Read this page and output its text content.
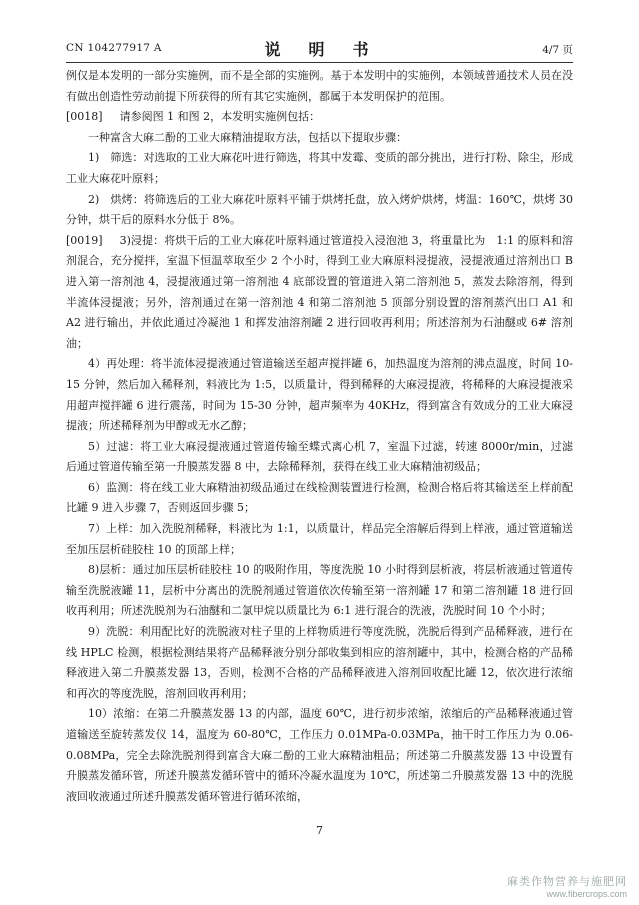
CN 104277917 A	说　明　书	4/7 页

例仅是本发明的一部分实施例，而不是全部的实施例。基于本发明中的实施例，本领域普通技术人员在没有做出创造性劳动前提下所获得的所有其它实施例，都属于本发明保护的范围。

[0018] 请参阅图 1 和图 2，本发明实施例包括：

一种富含大麻二酚的工业大麻精油提取方法，包括以下提取步骤：

1)　筛选：对选取的工业大麻花叶进行筛选，将其中发霉、变质的部分挑出，进行打粉、除尘，形成工业大麻花叶原料；

2)　烘烤：将筛选后的工业大麻花叶原料平铺于烘烤托盘，放入烤炉烘烤，烤温：160℃，烘烤 30 分钟，烘干后的原料水分低于 8%。

[0019] 3)浸提：将烘干后的工业大麻花叶原料通过管道投入浸泡池 3，将重量比为　1:1 的原料和溶剂混合，充分搅拌，室温下恒温萃取至少 2 个小时，得到工业大麻原料浸提液，浸提液通过溶剂出口 B 进入第一溶剂池 4，浸提液通过第一溶剂池 4 底部设置的管道进入第二溶剂池 5，蒸发去除溶剂，得到半流体浸提液；另外，溶剂通过在第一溶剂池 4 和第二溶剂池 5 顶部分别设置的溶剂蒸汽出口 A1 和 A2 进行输出，并依此通过冷凝池 1 和挥发油溶剂罐 2 进行回收再利用；所述溶剂为石油醚或 6# 溶剂油；

4）再处理：将半流体浸提液通过管道输送至超声搅拌罐 6，加热温度为溶剂的沸点温度，时间 10-15 分钟，然后加入稀释剂，料液比为 1:5，以质量计，得到稀释的大麻浸提液，将稀释的大麻浸提液采用超声搅拌罐 6 进行震荡，时间为 15-30 分钟，超声频率为 40KHz，得到富含有效成分的工业大麻浸提液；所述稀释剂为甲醇或无水乙醇；

5）过滤：将工业大麻浸提液通过管道传输至蝶式离心机 7，室温下过滤，转速 8000r/min，过滤后通过管道传输至第一升膜蒸发器 8 中，去除稀释剂，获得在线工业大麻精油初级品；

6）监测：将在线工业大麻精油初级品通过在线检测装置进行检测，检测合格后将其输送至上样前配比罐 9 进入步骤 7，否则返回步骤 5；

7）上样：加入洗脱剂稀释，料液比为 1:1，以质量计，样品完全溶解后得到上样液，通过管道输送至加压层析硅胶柱 10 的顶部上样；

8)层析：通过加压层析硅胶柱 10 的吸附作用，等度洗脱 10 小时得到层析液，将层析液通过管道传输至洗脱液罐 11，层析中分离出的洗脱剂通过管道依次传输至第一溶剂罐 17 和第二溶剂罐 18 进行回收再利用；所述洗脱剂为石油醚和二氯甲烷以质量比为 6:1 进行混合的洗液，洗脱时间 10 个小时；

9）洗脱：利用配比好的洗脱液对柱子里的上样物质进行等度洗脱，洗脱后得到产品稀释液，进行在线 HPLC 检测，根据检测结果将产品稀释液分别分部收集到相应的溶剂罐中，其中，检测合格的产品稀释液进入第二升膜蒸发器 13，否则，检测不合格的产品稀释液进入溶剂回收配比罐 12，依次进行浓缩和再次的等度洗脱，溶剂回收再利用；

10）浓缩：在第二升膜蒸发器 13 的内部，温度 60℃，进行初步浓缩，浓缩后的产品稀释液通过管道输送至旋转蒸发仪 14，温度为 60-80℃，工作压力 0.01MPa-0.03MPa，抽干时工作压力为 0.06-0.08MPa，完全去除洗脱剂得到富含大麻二酚的工业大麻精油粗品；所述第二升膜蒸发器 13 中设置有升膜蒸发循环管，所述升膜蒸发循环管中的循环冷凝水温度为 10℃，所述第二升膜蒸发器 13 中的洗脱液回收液通过所述升膜蒸发循环管进行循环浓缩，

7
麻类作物营养与施肥网
www.fibercrops.com
